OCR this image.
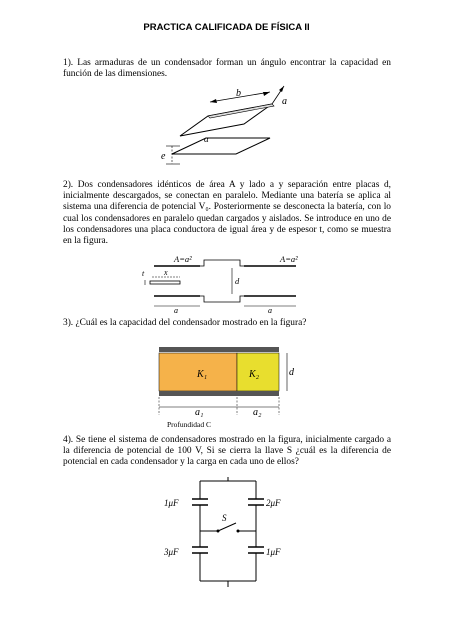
PRACTICA CALIFICADA DE FÍSICA II
1). Las armaduras de un condensador forman un ángulo encontrar la capacidad en función de las dimensiones.
b
a
α
e
2). Dos condensadores idénticos de área A y lado a y separación entre placas d, inicialmente descargados, se conectan en paralelo. Mediante una batería se aplica al sistema una diferencia de potencial V₀. Posteriormente se desconecta la batería, con lo cual los condensadores en paralelo quedan cargados y aislados. Se introduce en uno de los condensadores una placa conductora de igual área y de espesor t, como se muestra en la figura.
A=a²	A=a²
t x
d
a	a
3). ¿Cuál es la capacidad del condensador mostrado en la figura?
K₁	K₂	d
a₁	a₂
Profundidad C
4). Se tiene el sistema de condensadores mostrado en la figura, inicialmente cargado a la diferencia de potencial de 100 V, Si se cierra la llave S ¿cuál es la diferencia de potencial en cada condensador y la carga en cada uno de ellos?
1μF	2μF
3μF	1μF
S
